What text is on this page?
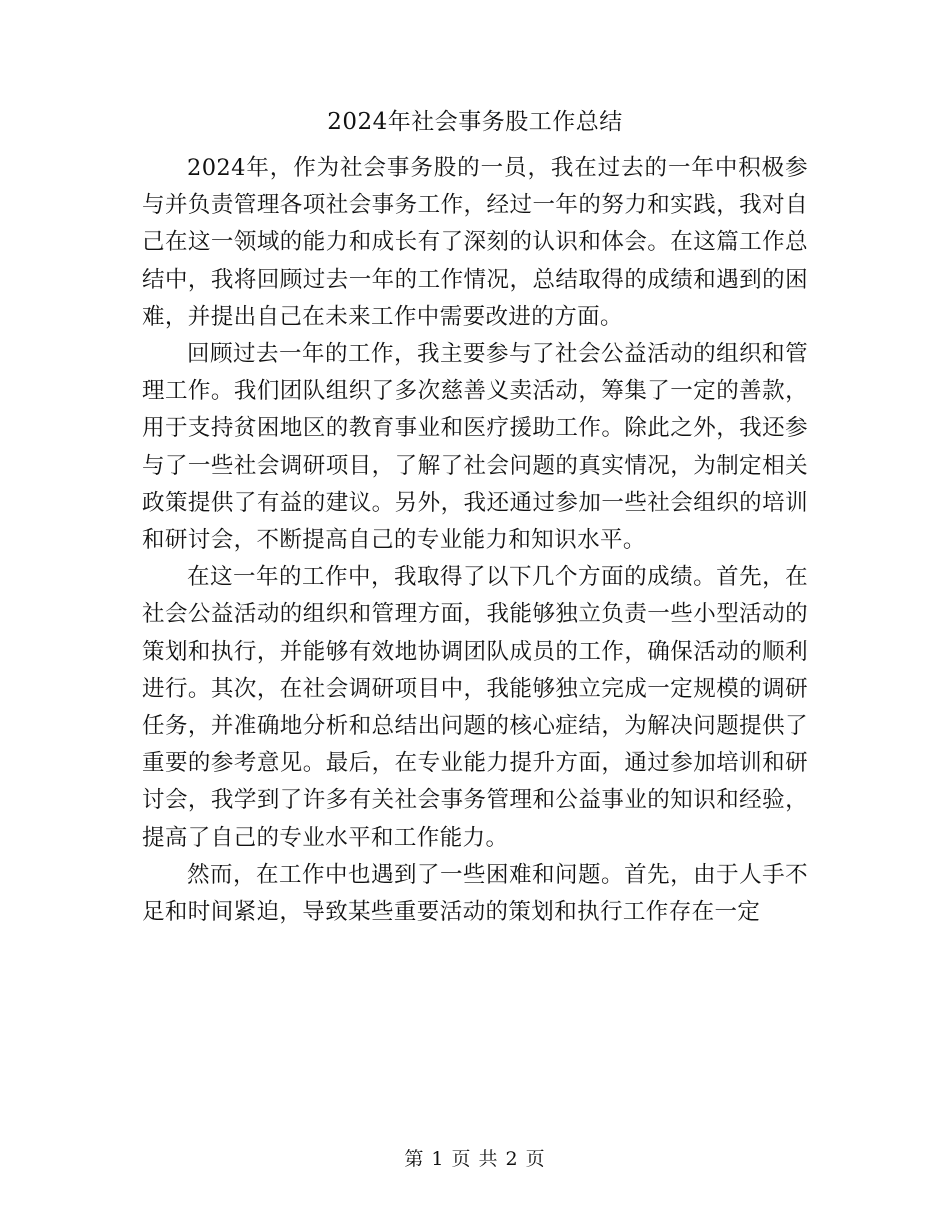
2024年社会事务股工作总结

2024年，作为社会事务股的一员，我在过去的一年中积极参与并负责管理各项社会事务工作，经过一年的努力和实践，我对自己在这一领域的能力和成长有了深刻的认识和体会。在这篇工作总结中，我将回顾过去一年的工作情况，总结取得的成绩和遇到的困难，并提出自己在未来工作中需要改进的方面。

回顾过去一年的工作，我主要参与了社会公益活动的组织和管理工作。我们团队组织了多次慈善义卖活动，筹集了一定的善款，用于支持贫困地区的教育事业和医疗援助工作。除此之外，我还参与了一些社会调研项目，了解了社会问题的真实情况，为制定相关政策提供了有益的建议。另外，我还通过参加一些社会组织的培训和研讨会，不断提高自己的专业能力和知识水平。

在这一年的工作中，我取得了以下几个方面的成绩。首先，在社会公益活动的组织和管理方面，我能够独立负责一些小型活动的策划和执行，并能够有效地协调团队成员的工作，确保活动的顺利进行。其次，在社会调研项目中，我能够独立完成一定规模的调研任务，并准确地分析和总结出问题的核心症结，为解决问题提供了重要的参考意见。最后，在专业能力提升方面，通过参加培训和研讨会，我学到了许多有关社会事务管理和公益事业的知识和经验，提高了自己的专业水平和工作能力。

然而，在工作中也遇到了一些困难和问题。首先，由于人手不足和时间紧迫，导致某些重要活动的策划和执行工作存在一定

第 1 页 共 2 页
